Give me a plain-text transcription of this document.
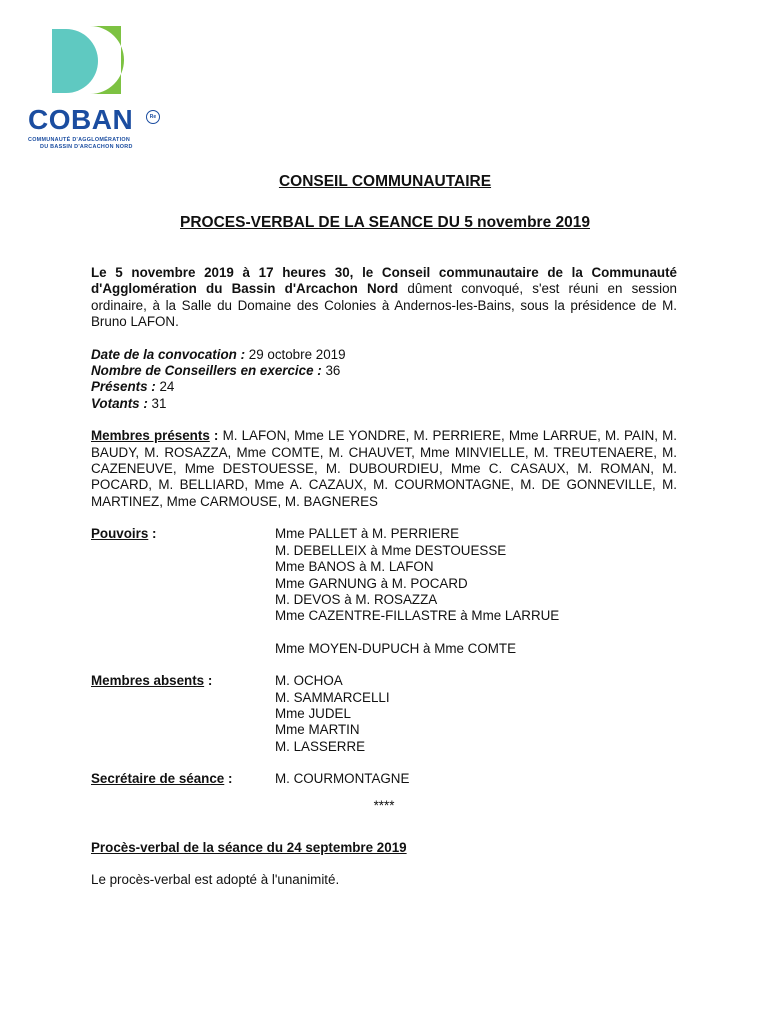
COBAN	Re
COMMUNAUTÉ D'AGGLOMÉRATION
DU BASSIN D'ARCACHON NORD
CONSEIL COMMUNAUTAIRE
PROCES-VERBAL DE LA SEANCE DU 5 novembre 2019

Le 5 novembre 2019 à 17 heures 30, le Conseil communautaire de la Communauté d'Agglomération du Bassin d'Arcachon Nord dûment convoqué, s'est réuni en session ordinaire, à la Salle du Domaine des Colonies à Andernos-les-Bains, sous la présidence de M. Bruno LAFON.

Date de la convocation : 29 octobre 2019
Nombre de Conseillers en exercice : 36
Présents : 24
Votants : 31

Membres présents : M. LAFON, Mme LE YONDRE, M. PERRIERE, Mme LARRUE, M. PAIN, M. BAUDY, M. ROSAZZA, Mme COMTE, M. CHAUVET, Mme MINVIELLE, M. TREUTENAERE, M. CAZENEUVE, Mme DESTOUESSE, M. DUBOURDIEU, Mme C. CASAUX, M. ROMAN, M. POCARD, M. BELLIARD, Mme A. CAZAUX, M. COURMONTAGNE, M. DE GONNEVILLE, M. MARTINEZ, Mme CARMOUSE, M. BAGNERES

Pouvoirs :	Mme PALLET à M. PERRIERE
M. DEBELLEIX à Mme DESTOUESSE
Mme BANOS à M. LAFON
Mme GARNUNG à M. POCARD
M. DEVOS à M. ROSAZZA
Mme CAZENTRE-FILLASTRE à Mme LARRUE
Mme MOYEN-DUPUCH à Mme COMTE
Membres absents :	M. OCHOA
M. SAMMARCELLI
Mme JUDEL
Mme MARTIN
M. LASSERRE
Secrétaire de séance :	M. COURMONTAGNE
****
Procès-verbal de la séance du 24 septembre 2019
Le procès-verbal est adopté à l'unanimité.
